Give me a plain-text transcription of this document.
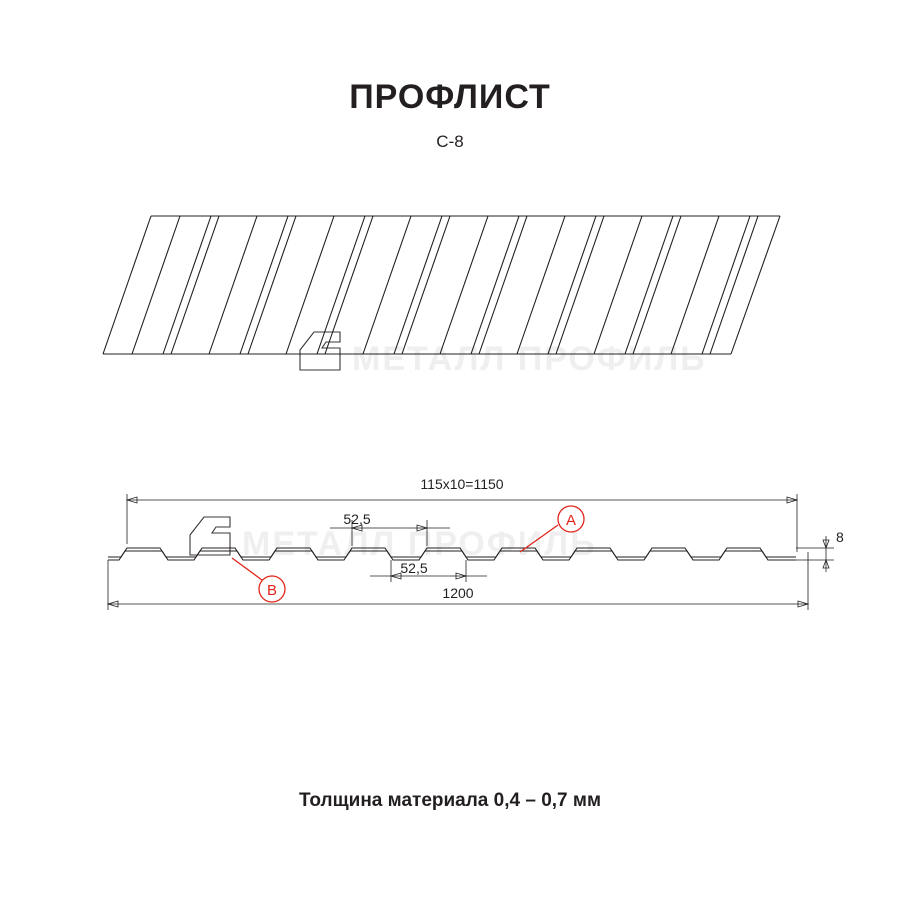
ПРОФЛИСТ
С-8
МЕТАЛЛ ПРОФИЛЬ
МЕТАЛЛ ПРОФИЛЬ
115х10=1150
52,5
52,5
1200
8
A
B
Толщина материала 0,4 – 0,7 мм
